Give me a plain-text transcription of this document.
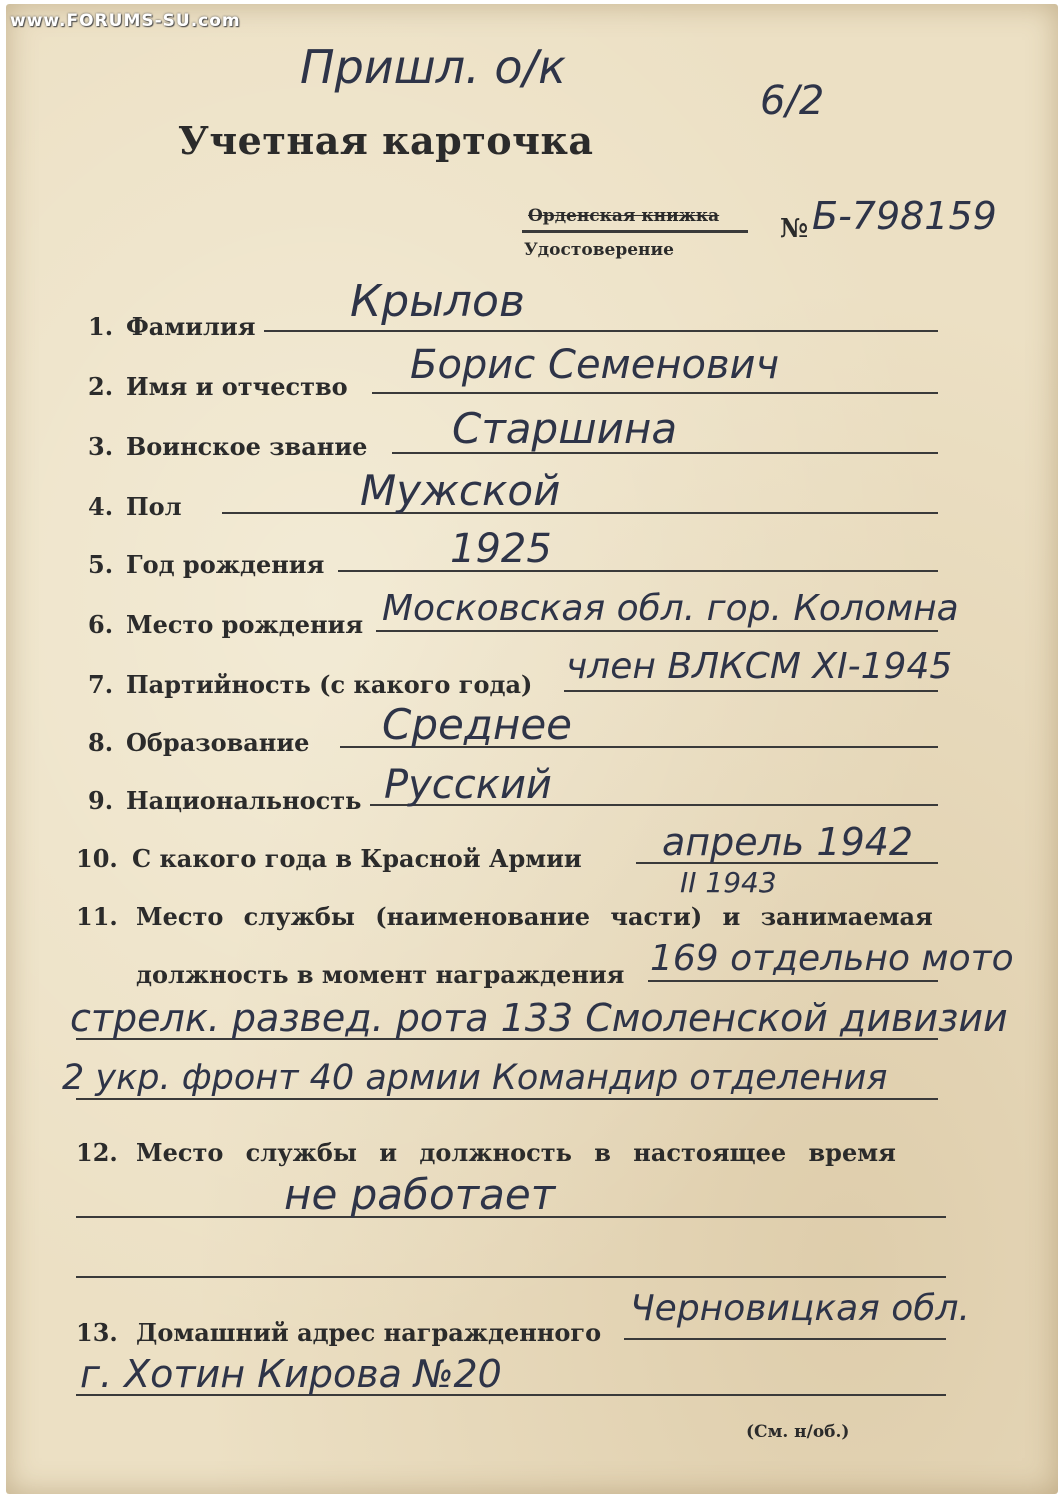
www.FORUMS-SU.com
Пришл. о/к
6/2
Учетная карточка
Орденская книжка
Удостоверение
№ Б-798159
1. Фамилия Крылов
2. Имя и отчество Борис Семенович
3. Воинское звание Старшина
4. Пол	Мужской
5. Год рождения	1925
6. Место рождения Московская обл. гор. Коломна
7. Партийность (с какого года) член ВЛКСМ XI-1945
8. Образование Среднее
9. Национальность Русский
10. С какого года в Красной Армии апрель 1942
II 1943
11. Место службы (наименование части) и занимаемая
должность в момент награждения 169 отдельно мото
стрелк. развед. рота 133 Смоленской дивизии
2 укр. фронт 40 армии Командир отделения
12. Место службы и должность в настоящее время
не работает
13. Домашний адрес награжденного
Черновицкая обл.
г. Хотин Кирова №20
(См. н/об.)
